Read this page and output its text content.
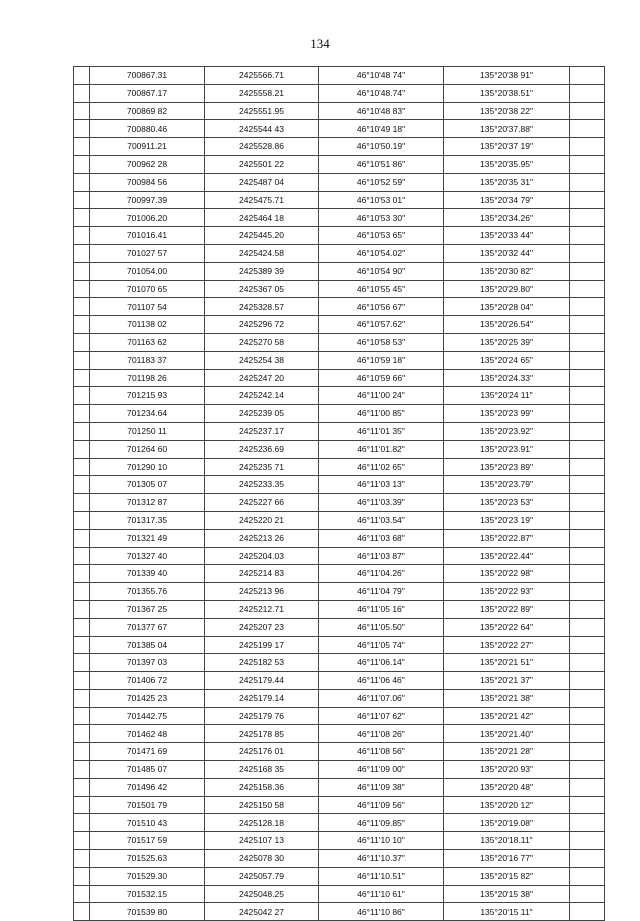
134
	700867.31	2425566.71	46°10'48 74"	135°20'38 91"	
	700867.17	2425558.21	46°10'48.74"	135°20'38.51"	
	700869 82	2425551.95	46°10'48 83"	135°20'38 22"	
	700880.46	2425544 43	46°10'49 18"	135°20'37.88"	
	700911.21	2425528.86	46°10'50.19"	135°20'37 19"	
	700962 28	2425501 22	46°10'51 86"	135°20'35.95"	
	700984 56	2425487 04	46°10'52 59"	135°20'35 31"	
	700997.39	2425475.71	46°10'53 01"	135°20'34 79"	
	701006.20	2425464 18	46°10'53 30"	135°20'34.26"	
	701016.41	2425445.20	46°10'53 65"	135°20'33 44"	
	701027 57	2425424.58	46°10'54.02"	135°20'32 44"	
	701054.00	2425389 39	46°10'54 90"	135°20'30 82"	
	701070 65	2425367 05	46°10'55 45"	135°20'29.80"	
	701107 54	2425328.57	46°10'56 67"	135°20'28 04"	
	701138 02	2425296 72	46°10'57.62"	135°20'26.54"	
	701163 62	2425270 58	46°10'58 53"	135°20'25 39"	
	701183 37	2425254 38	46°10'59 18"	135°20'24 65"	
	701198 26	2425247 20	46°10'59 66"	135°20'24.33"	
	701215 93	2425242.14	46°11'00 24"	135°20'24 11"	
	701234.64	2425239 05	46°11'00 85"	135°20'23 99"	
	701250 11	2425237.17	46°11'01 35"	135°20'23.92"	
	701264 60	2425236.69	46°11'01.82"	135°20'23.91"	
	701290 10	2425235 71	46°11'02 65"	135°20'23 89"	
	701305 07	2425233.35	46°11'03 13"	135°20'23.79"	
	701312 87	2425227 66	46°11'03.39"	135°20'23 53"	
	701317.35	2425220 21	46°11'03.54"	135°20'23 19"	
	701321 49	2425213 26	46°11'03 68"	135°20'22.87"	
	701327 40	2425204.03	46°11'03 87"	135°20'22.44"	
	701339 40	2425214 83	46°11'04.26"	135°20'22 98"	
	701355.76	2425213 96	46°11'04 79"	135°20'22 93"	
	701367 25	2425212.71	46°11'05 16"	135°20'22 89"	
	701377 67	2425207 23	46°11'05.50"	135°20'22 64"	
	701385 04	2425199 17	46°11'05 74"	135°20'22 27"	
	701397 03	2425182 53	46°11'06.14"	135°20'21 51"	
	701406 72	2425179.44	46°11'06 46"	135°20'21 37"	
	701425 23	2425179.14	46°11'07.06"	135°20'21 38"	
	701442.75	2425179 76	46°11'07 62"	135°20'21 42"	
	701462 48	2425178 85	46°11'08 26"	135°20'21.40"	
	701471 69	2425176 01	46°11'08 56"	135°20'21 28"	
	701485 07	2425168 35	46°11'09 00"	135°20'20 93"	
	701496 42	2425158.36	46°11'09 38"	135°20'20 48"	
	701501 79	2425150 58	46°11'09 56"	135°20'20 12"	
	701510 43	2425128.18	46°11'09.85"	135°20'19.08"	
	701517 59	2425107 13	46°11'10 10"	135°20'18.11"	
	701525.63	2425078 30	46°11'10.37"	135°20'16 77"	
	701529.30	2425057.79	46°11'10.51"	135°20'15 82"	
	701532.15	2425048.25	46°11'10 61"	135°20'15 38"	
	701539 80	2425042 27	46°11'10 86"	135°20'15 11"	
